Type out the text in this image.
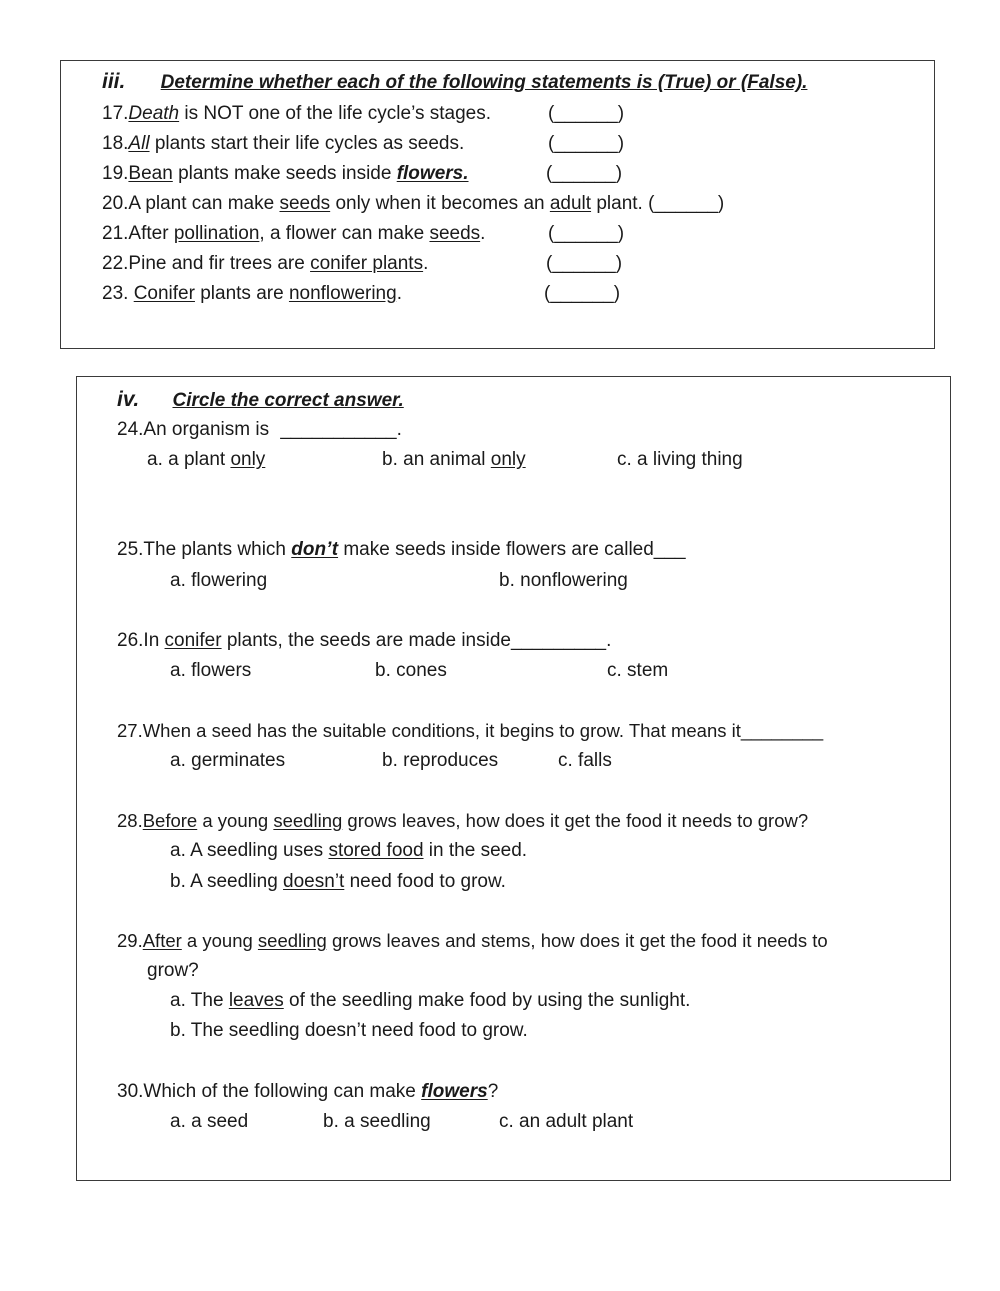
iii. Determine whether each of the following statements is (True) or (False).
17.Death is NOT one of the life cycle’s stages.	(______)
18.All plants start their life cycles as seeds.	(______)
19.Bean plants make seeds inside flowers.	(______)
20.A plant can make seeds only when it becomes an adult plant. (______)
21.After pollination, a flower can make seeds.	(______)
22.Pine and fir trees are conifer plants.	(______)
23. Conifer plants are nonflowering.	(______)
iv. Circle the correct answer.
24.An organism is ___________.
a. a plant only	b. an animal only	c. a living thing
25.The plants which don’t make seeds inside flowers are called___
a. flowering	b. nonflowering
26.In conifer plants, the seeds are made inside_________.
a. flowers	b. cones	c. stem
27.When a seed has the suitable conditions, it begins to grow. That means it________
a. germinates	b. reproduces	c. falls
28.Before a young seedling grows leaves, how does it get the food it needs to grow?
a. A seedling uses stored food in the seed.
b. A seedling doesn’t need food to grow.
29.After a young seedling grows leaves and stems, how does it get the food it needs to
grow?
a. The leaves of the seedling make food by using the sunlight.
b. The seedling doesn’t need food to grow.
30.Which of the following can make flowers?
a. a seed	b. a seedling	c. an adult plant
